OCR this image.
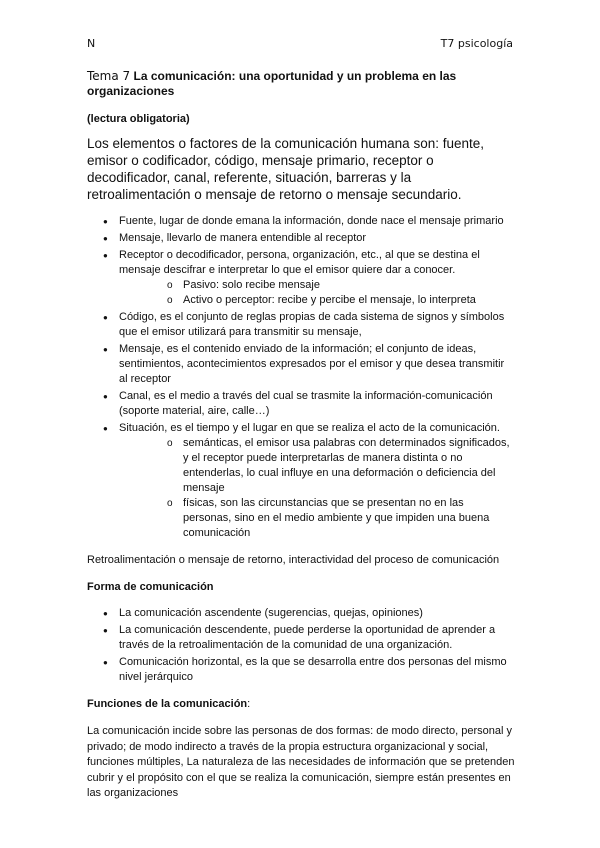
N	T7 psicología

Tema 7 La comunicación: una oportunidad y un problema en las organizaciones

(lectura obligatoria)

Los elementos o factores de la comunicación humana son: fuente, emisor o codificador, código, mensaje primario, receptor o decodificador, canal, referente, situación, barreras y la retroalimentación o mensaje de retorno o mensaje secundario.

● Fuente, lugar de donde emana la información, donde nace el mensaje primario
● Mensaje, llevarlo de manera entendible al receptor
● Receptor o decodificador, persona, organización, etc., al que se destina el mensaje descifrar e interpretar lo que el emisor quiere dar a conocer.
o Pasivo: solo recibe mensaje
o Activo o perceptor: recibe y percibe el mensaje, lo interpreta
● Código, es el conjunto de reglas propias de cada sistema de signos y símbolos que el emisor utilizará para transmitir su mensaje,
● Mensaje, es el contenido enviado de la información; el conjunto de ideas, sentimientos, acontecimientos expresados por el emisor y que desea transmitir al receptor
● Canal, es el medio a través del cual se trasmite la información-comunicación (soporte material, aire, calle…)
● Situación, es el tiempo y el lugar en que se realiza el acto de la comunicación.
o semánticas, el emisor usa palabras con determinados significados, y el receptor puede interpretarlas de manera distinta o no entenderlas, lo cual influye en una deformación o deficiencia del mensaje
o físicas, son las circunstancias que se presentan no en las personas, sino en el medio ambiente y que impiden una buena comunicación

Retroalimentación o mensaje de retorno, interactividad del proceso de comunicación

Forma de comunicación

● La comunicación ascendente (sugerencias, quejas, opiniones)
● La comunicación descendente, puede perderse la oportunidad de aprender a través de la retroalimentación de la comunidad de una organización.
● Comunicación horizontal, es la que se desarrolla entre dos personas del mismo nivel jerárquico

Funciones de la comunicación:

La comunicación incide sobre las personas de dos formas: de modo directo, personal y privado; de modo indirecto a través de la propia estructura organizacional y social, funciones múltiples, La naturaleza de las necesidades de información que se pretenden cubrir y el propósito con el que se realiza la comunicación, siempre están presentes en las organizaciones
